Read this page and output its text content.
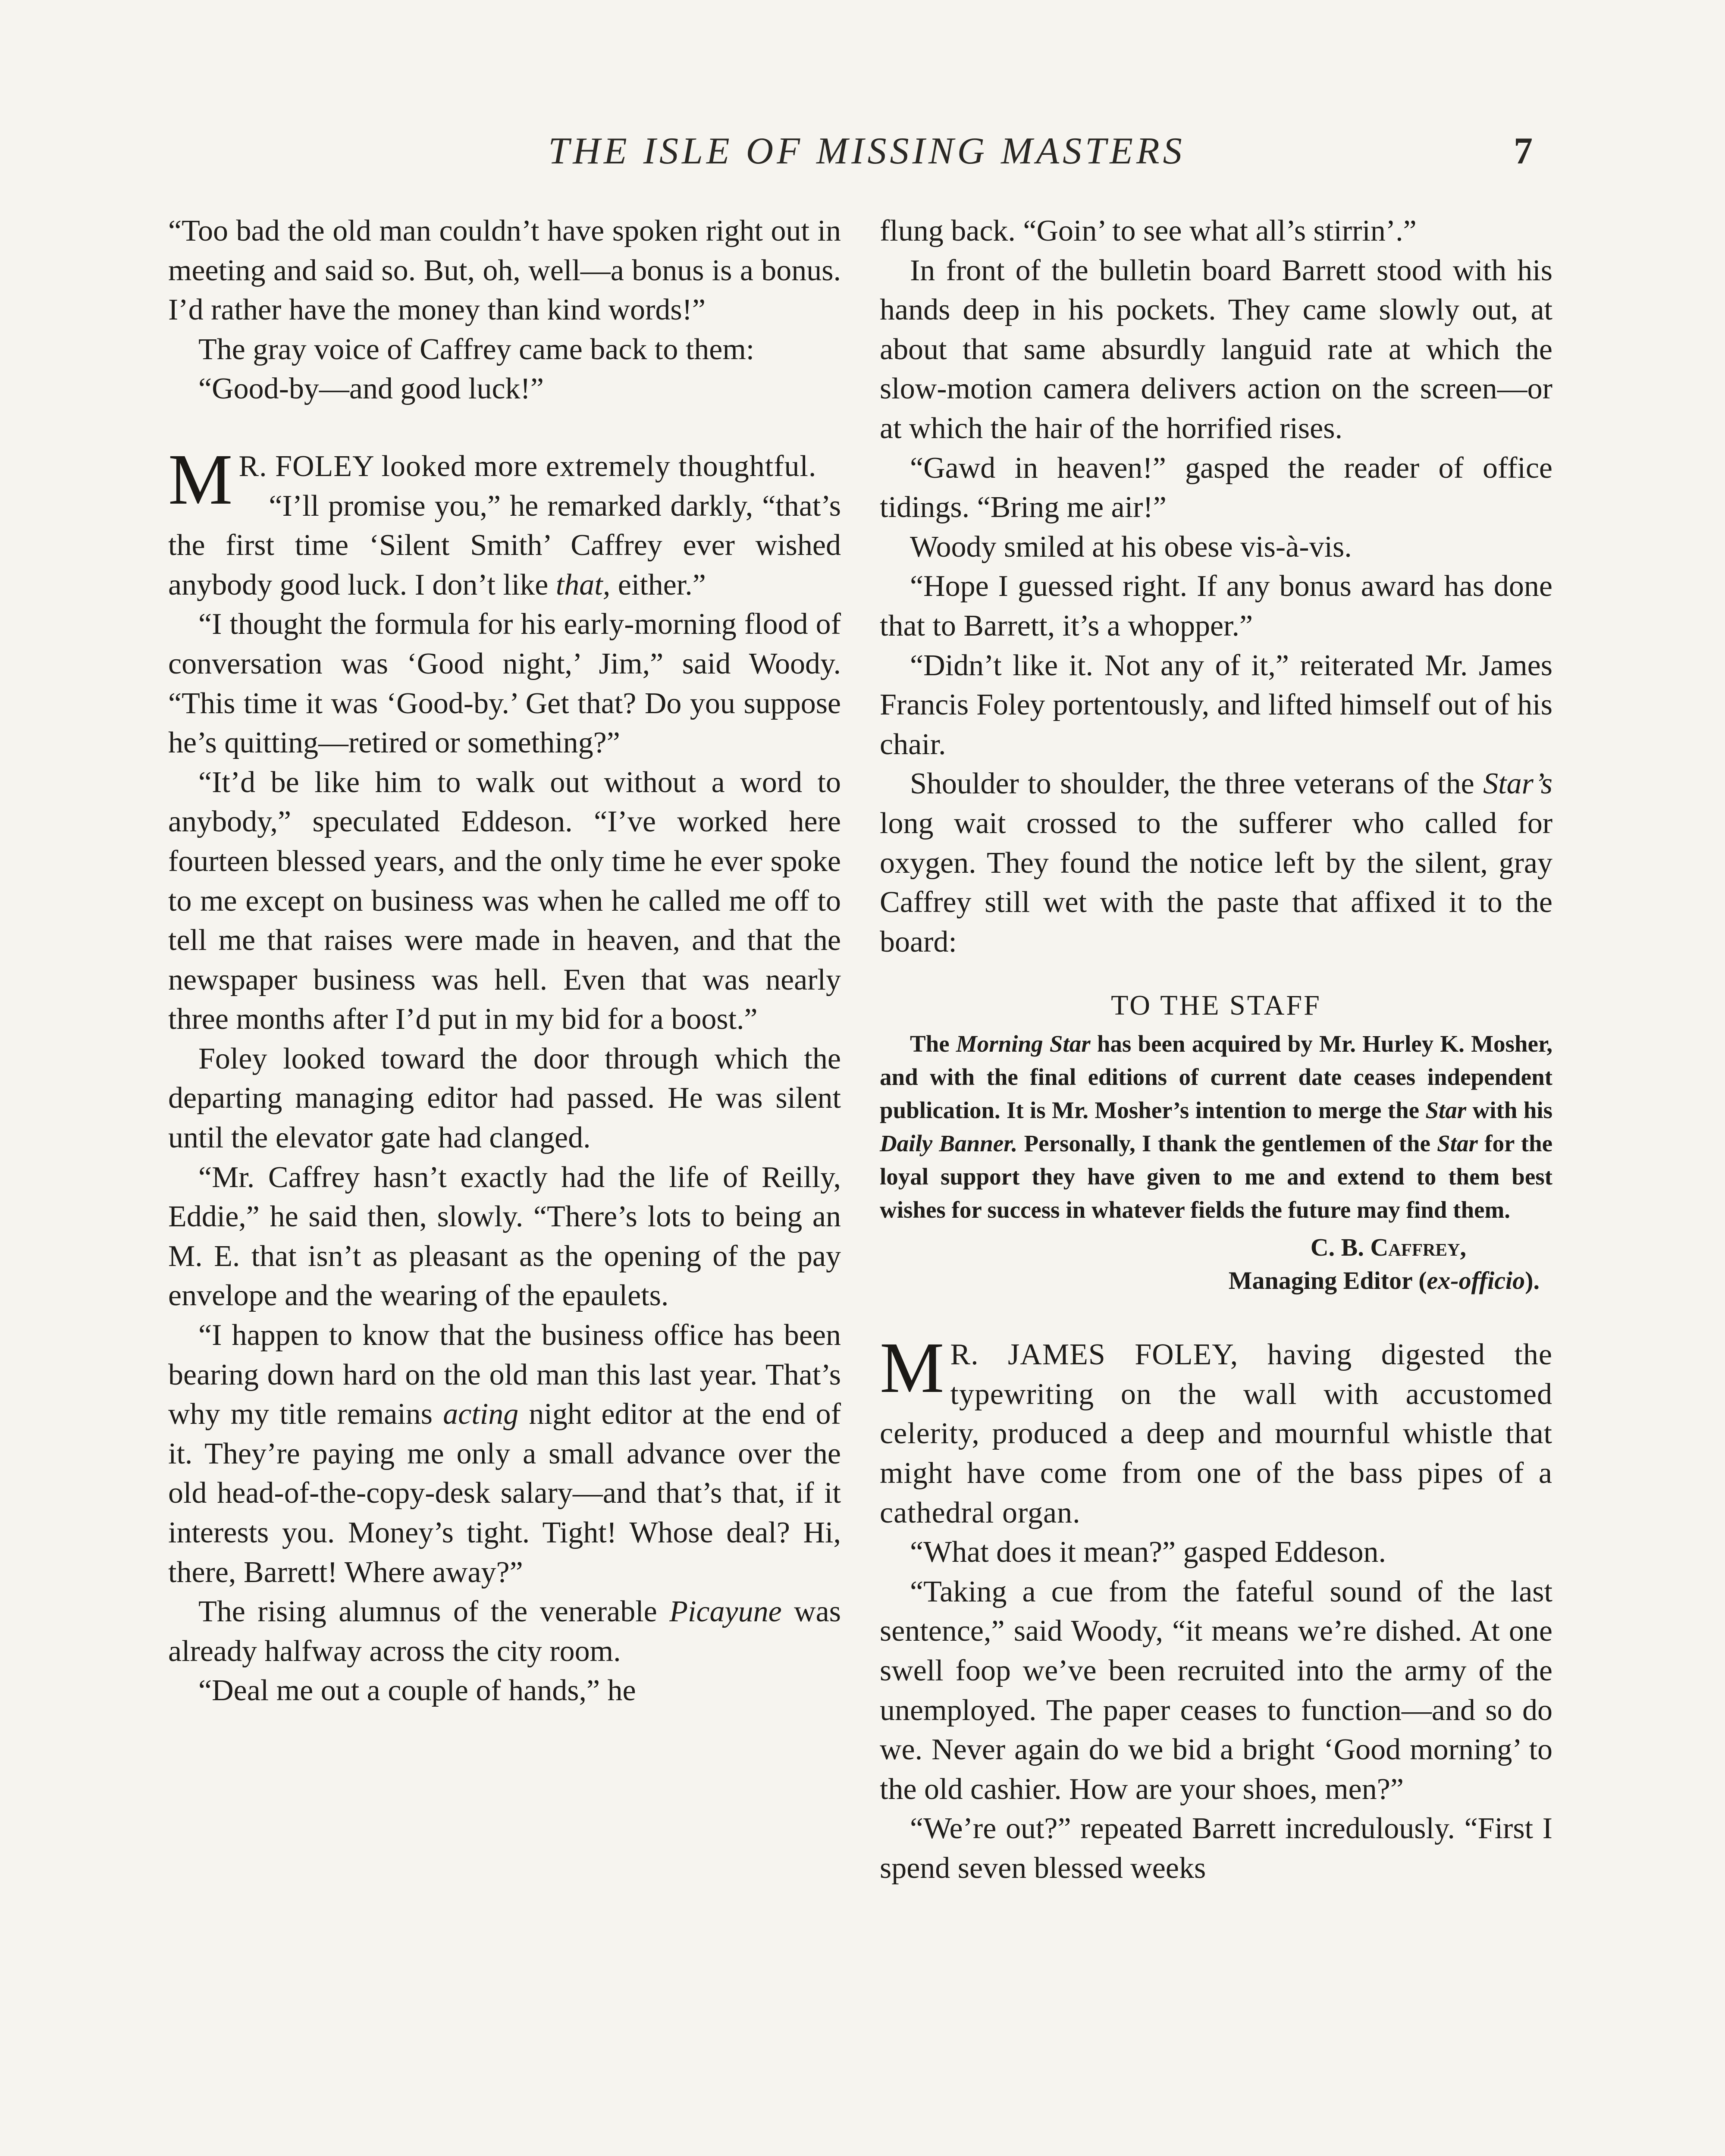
THE ISLE OF MISSING MASTERS	7

“Too bad the old man couldn’t have spoken right out in meeting and said so. But, oh, well—a bonus is a bonus. I’d rather have the money than kind words!”

The gray voice of Caffrey came back to them:

“Good-by—and good luck!”

M R. FOLEY looked more extremely thoughtful.

“I’ll promise you,” he remarked darkly, “that’s the first time ‘Silent Smith’ Caffrey ever wished anybody good luck. I don’t like that, either.”

“I thought the formula for his early-morning flood of conversation was ‘Good night,’ Jim,” said Woody. “This time it was ‘Good-by.’ Get that? Do you suppose he’s quitting—retired or something?”

“It’d be like him to walk out without a word to anybody,” speculated Eddeson. “I’ve worked here fourteen blessed years, and the only time he ever spoke to me except on business was when he called me off to tell me that raises were made in heaven, and that the newspaper business was hell. Even that was nearly three months after I’d put in my bid for a boost.”

Foley looked toward the door through which the departing managing editor had passed. He was silent until the elevator gate had clanged.

“Mr. Caffrey hasn’t exactly had the life of Reilly, Eddie,” he said then, slowly. “There’s lots to being an M. E. that isn’t as pleasant as the opening of the pay envelope and the wearing of the epaulets.

“I happen to know that the business office has been bearing down hard on the old man this last year. That’s why my title remains acting night editor at the end of it. They’re paying me only a small advance over the old head-of-the-copy-desk salary—and that’s that, if it interests you. Money’s tight. Tight! Whose deal? Hi, there, Barrett! Where away?”

The rising alumnus of the venerable Picayune was already halfway across the city room.

“Deal me out a couple of hands,” he

flung back. “Goin’ to see what all’s stirrin’.”

In front of the bulletin board Barrett stood with his hands deep in his pockets. They came slowly out, at about that same absurdly languid rate at which the slow-motion camera delivers action on the screen—or at which the hair of the horrified rises.

“Gawd in heaven!” gasped the reader of office tidings. “Bring me air!”

Woody smiled at his obese vis-à-vis.

“Hope I guessed right. If any bonus award has done that to Barrett, it’s a whopper.”

“Didn’t like it. Not any of it,” reiterated Mr. James Francis Foley portentously, and lifted himself out of his chair.

Shoulder to shoulder, the three veterans of the Star’s long wait crossed to the sufferer who called for oxygen. They found the notice left by the silent, gray Caffrey still wet with the paste that affixed it to the board:

TO THE STAFF

The Morning Star has been acquired by Mr. Hurley K. Mosher, and with the final editions of current date ceases independent publication. It is Mr. Mosher’s intention to merge the Star with his Daily Banner. Personally, I thank the gentlemen of the Star for the loyal support they have given to me and extend to them best wishes for success in whatever fields the future may find them.

C. B. Caffrey,
Managing Editor (ex-officio).

M R. JAMES FOLEY, having digested the typewriting on the wall with accustomed celerity, produced a deep and mournful whistle that might have come from one of the bass pipes of a cathedral organ.

“What does it mean?” gasped Eddeson.

“Taking a cue from the fateful sound of the last sentence,” said Woody, “it means we’re dished. At one swell foop we’ve been recruited into the army of the unemployed. The paper ceases to function—and so do we. Never again do we bid a bright ‘Good morning’ to the old cashier. How are your shoes, men?”

“We’re out?” repeated Barrett incredulously. “First I spend seven blessed weeks
